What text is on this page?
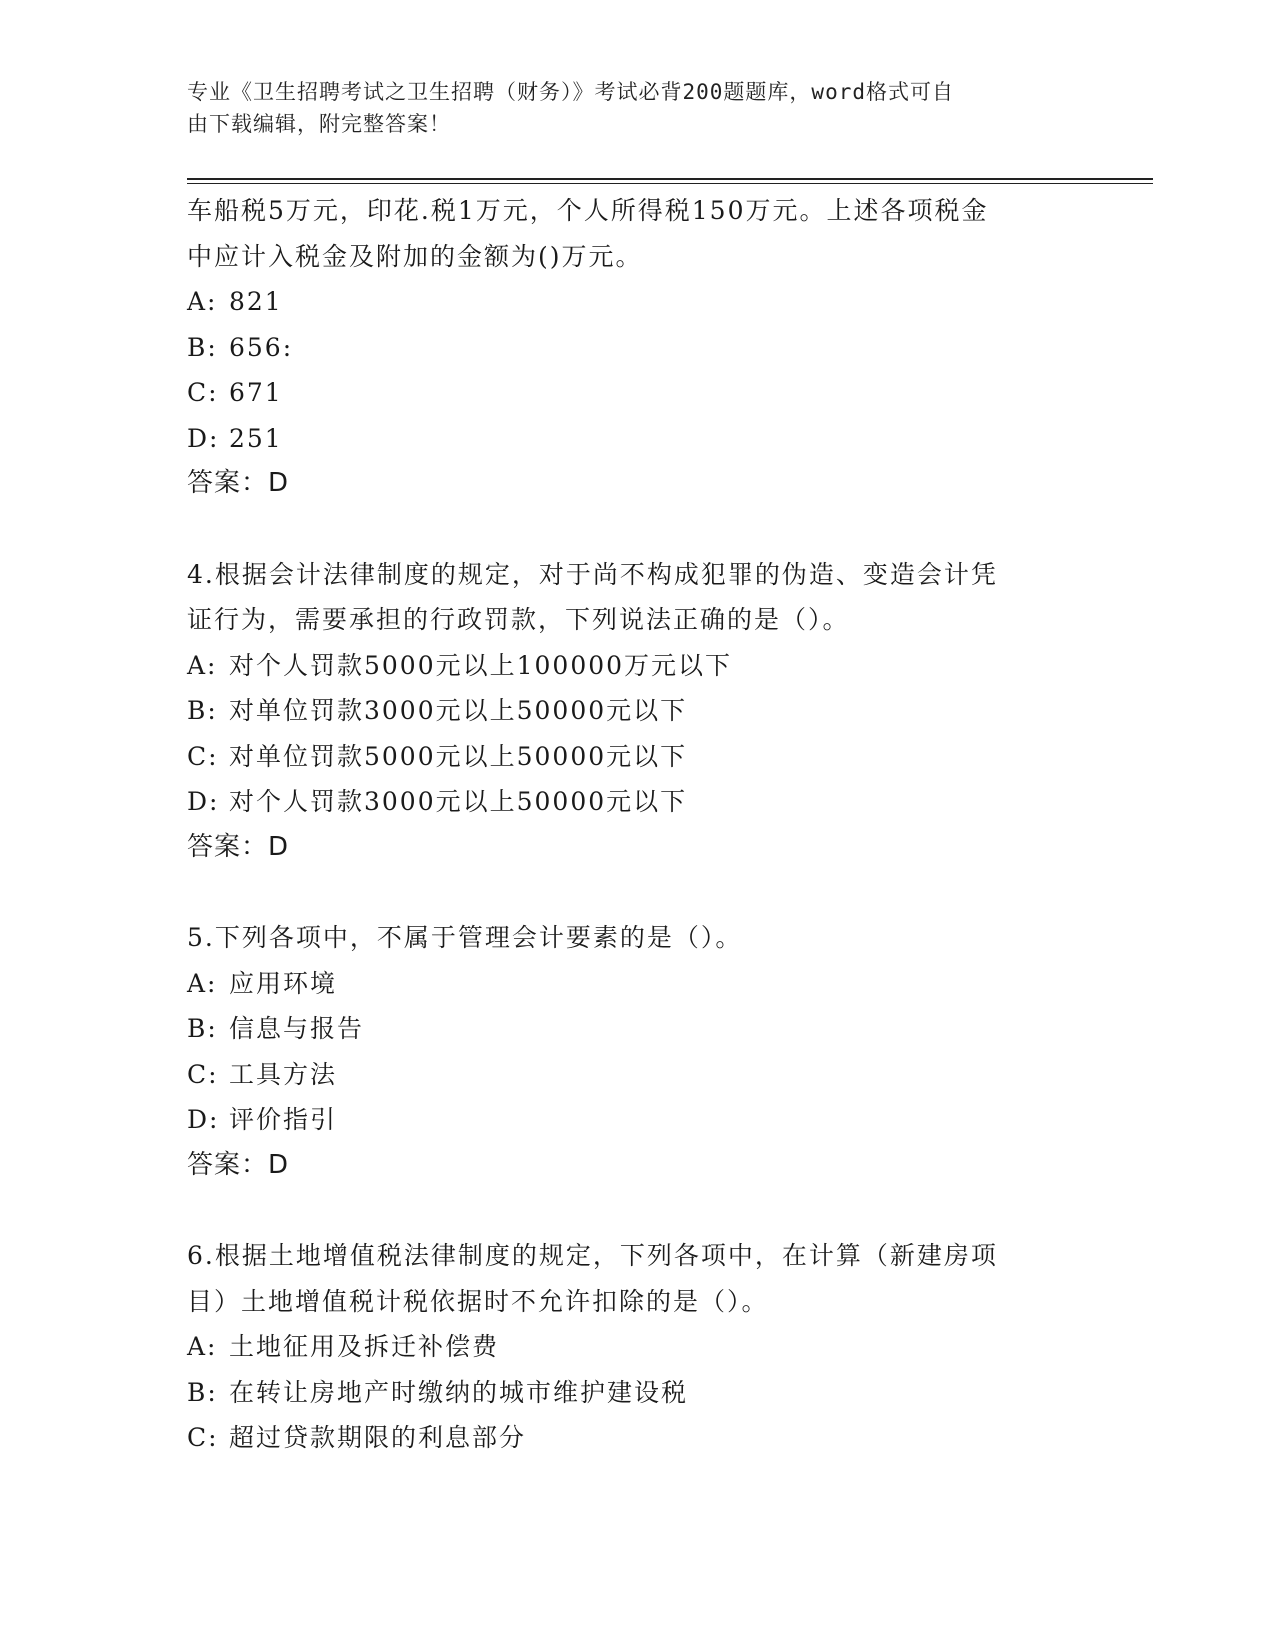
专业《卫生招聘考试之卫生招聘（财务）》考试必背200题题库，word格式可自
由下载编辑，附完整答案！
车船税5万元，印花.税1万元，个人所得税150万元。上述各项税金
中应计入税金及附加的金额为()万元。
A: 821
B: 656:
C: 671
D: 251
答案：D
4.根据会计法律制度的规定，对于尚不构成犯罪的伪造、变造会计凭
证行为，需要承担的行政罚款，下列说法正确的是（）。
A: 对个人罚款5000元以上100000万元以下
B: 对单位罚款3000元以上50000元以下
C: 对单位罚款5000元以上50000元以下
D: 对个人罚款3000元以上50000元以下
答案：D
5.下列各项中，不属于管理会计要素的是（）。
A: 应用环境
B: 信息与报告
C: 工具方法
D: 评价指引
答案：D
6.根据土地增值税法律制度的规定，下列各项中，在计算（新建房项
目）土地增值税计税依据时不允许扣除的是（）。
A: 土地征用及拆迁补偿费
B: 在转让房地产时缴纳的城市维护建设税
C: 超过贷款期限的利息部分
